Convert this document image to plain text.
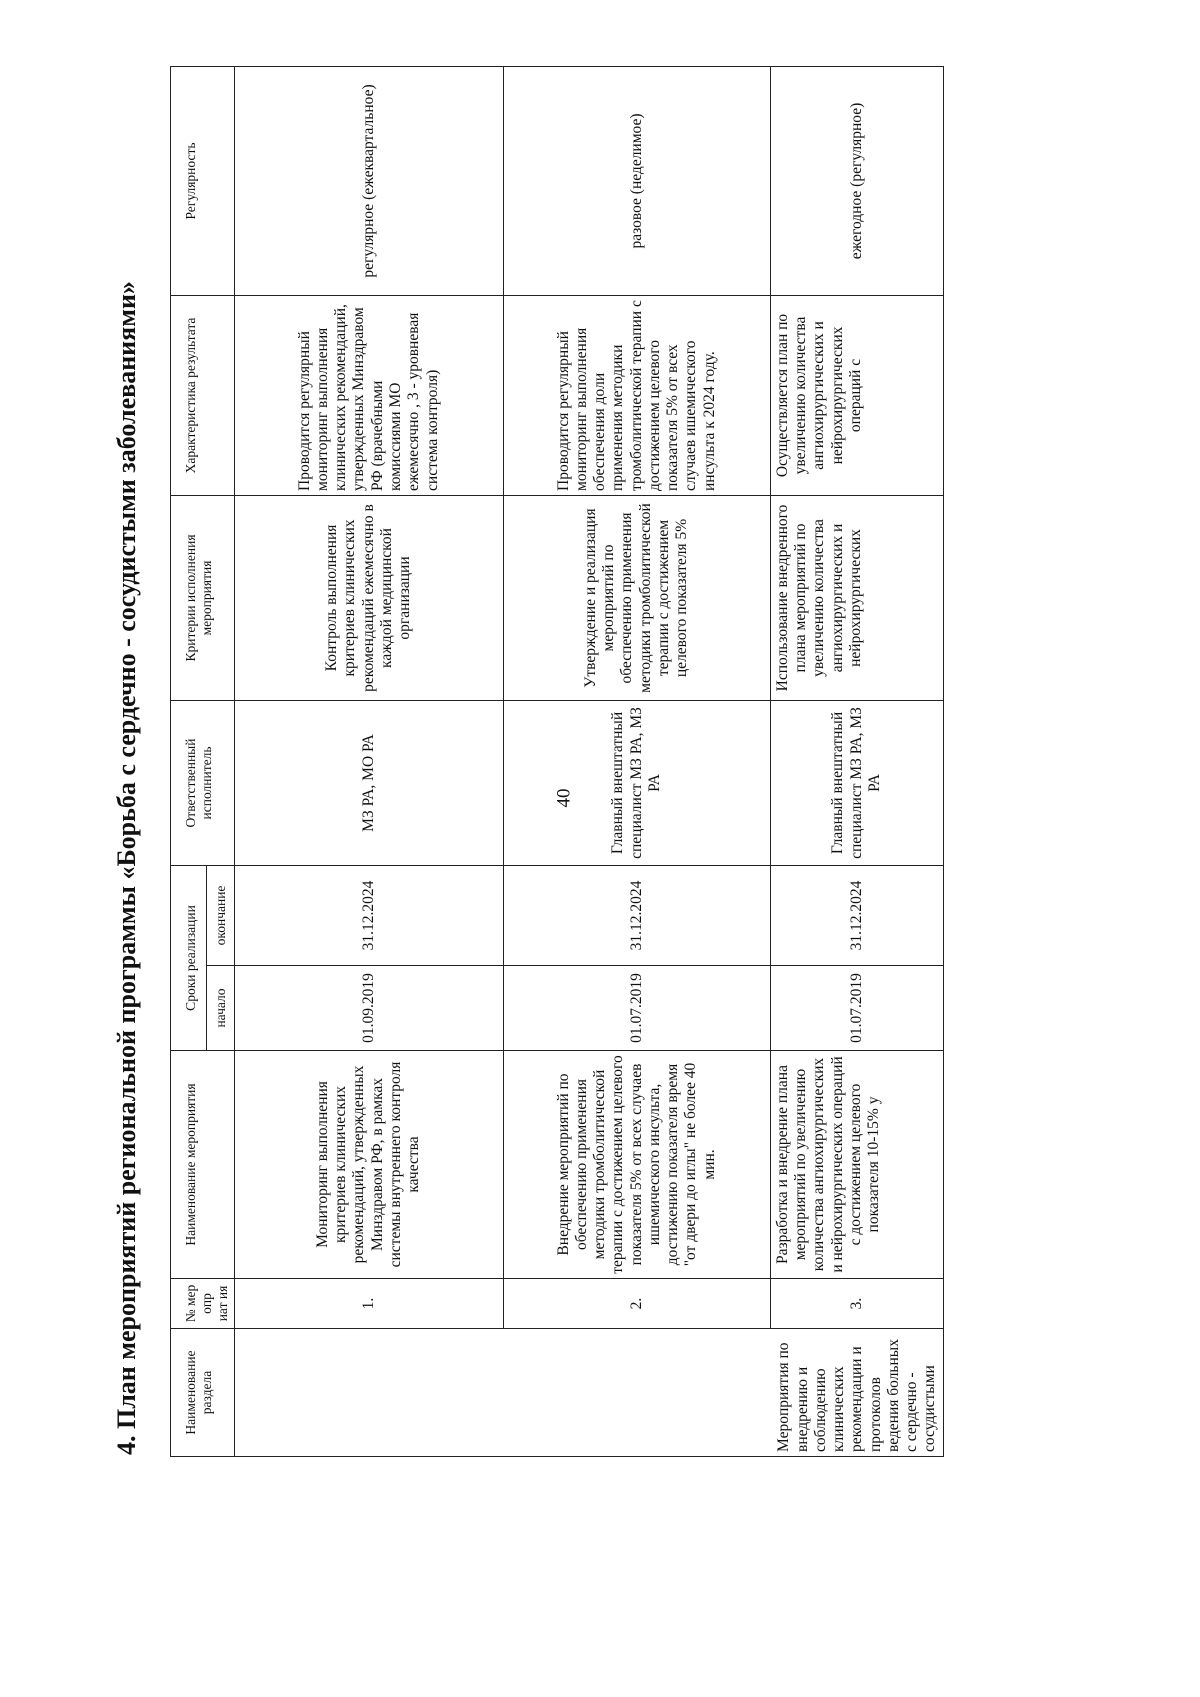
40
4. План мероприятий региональной программы «Борьба с сердечно - сосудистыми заболеваниями»	Наименование раздела	№ мер опр иат ия	Наименование мероприятия	Сроки реализации		Ответственный исполнитель	Критерии исполнения мероприятия	Характеристика результата	Регулярность
			начало	окончание				
Мероприятия по внедрению и соблюдению клинических рекомендации и протоколов ведения больных с сердечно - сосудистыми	1.	Мониторинг выполнения критериев клинических рекомендаций, утвержденных Минздравом РФ, в рамках системы внутреннего контроля качества	01.09.2019	31.12.2024	МЗ РА, МО РА	Контроль выполнения критериев клинических рекомендаций ежемесячно в каждой медицинской организации	Проводится регулярный мониторинг выполнения клинических рекомендаций, утвержденных Минздравом РФ (врачебными комиссиями МО ежемесячно , 3 - уровневая система контроля)	регулярное (ежеквартальное)
	2.	Внедрение мероприятий по обеспечению применения методики тромболитической терапии с достижением целевого показателя 5% от всех случаев ишемического инсульта, достижению показателя время "от двери до иглы" не более 40 мин.	01.07.2019	31.12.2024	Главный внештатный специалист МЗ РА, МЗ РА	Утверждение и реализация мероприятий по обеспечению применения методики тромболитической терапии с достижением целевого показателя 5%	Проводится регулярный мониторинг выполнения обеспечения доли применения методики тромболитической терапии с достижением целевого показателя 5% от всех случаев ишемического инсульта к 2024 году.	разовое (неделимое)
	3.	Разработка и внедрение плана мероприятий по увеличению количества ангиохирургических и нейрохирургических операций с достижением целевого показателя 10-15% у	01.07.2019	31.12.2024	Главный внештатный специалист МЗ РА, МЗ РА	Использование внедренного плана мероприятий по увеличению количества ангиохирургических и нейрохирургических	Осуществляется план по увеличению количества ангиохирургических и нейрохирургических операций с	ежегодное (регулярное)
